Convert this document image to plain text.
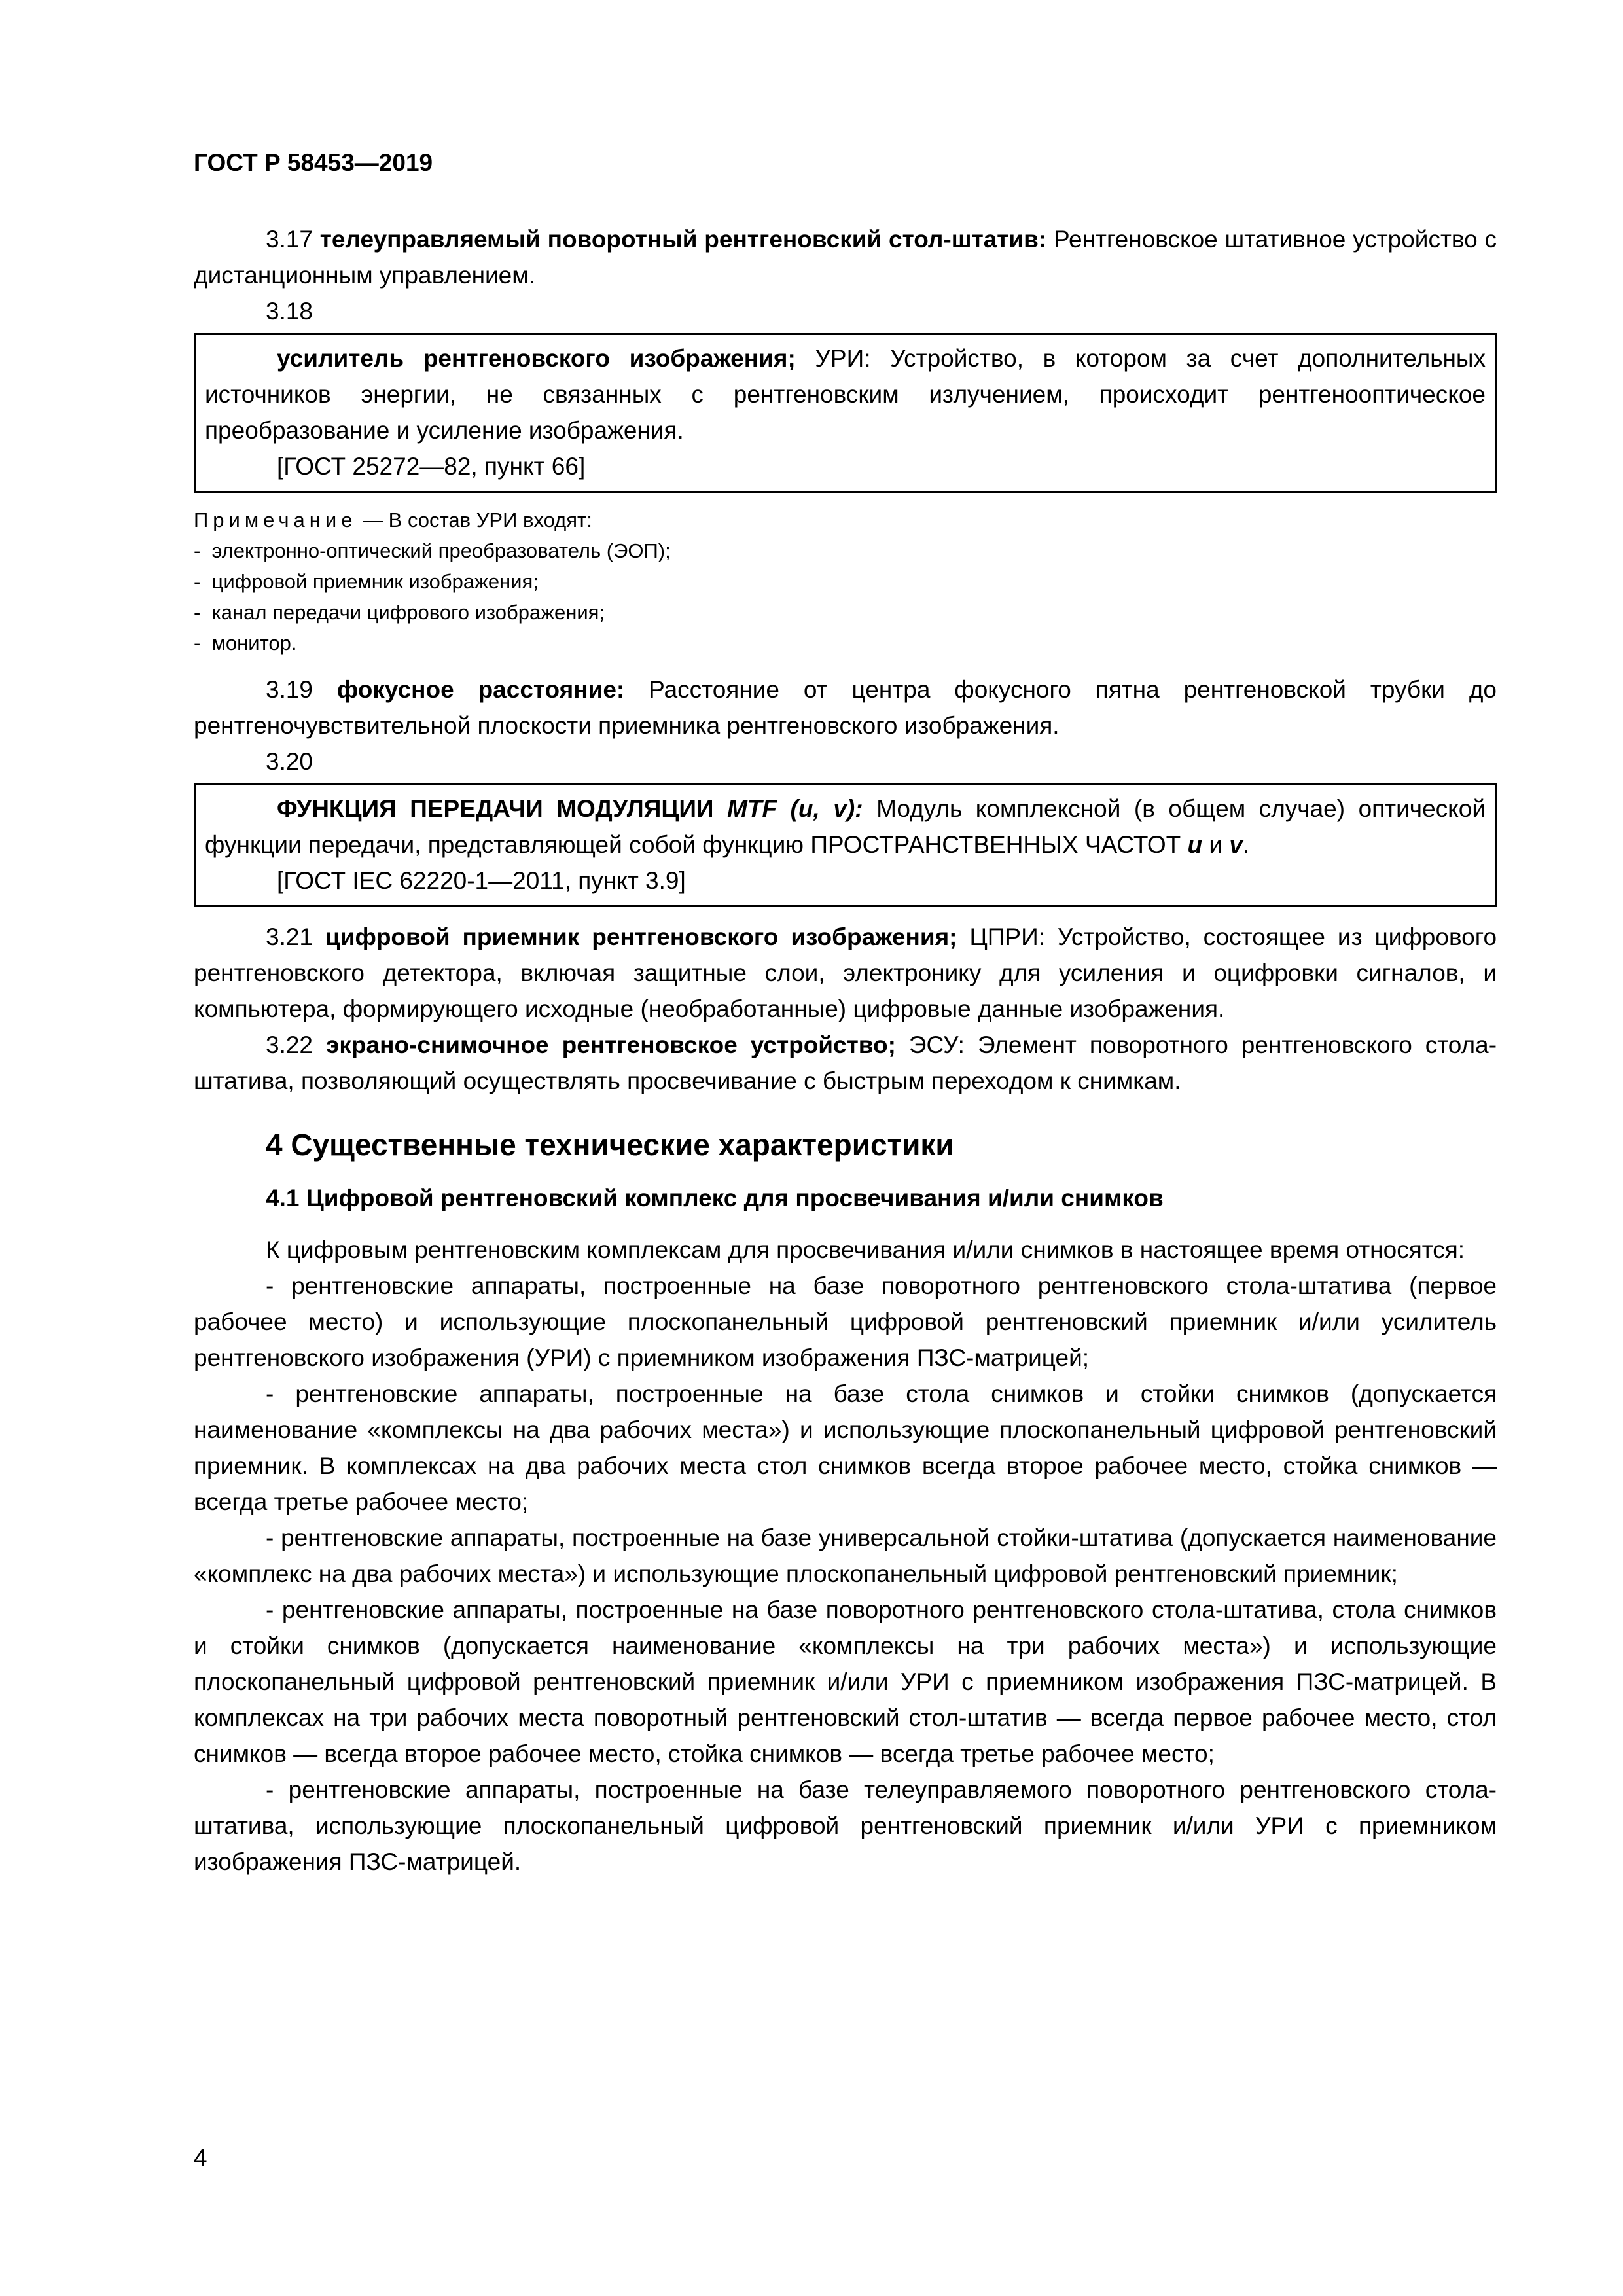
ГОСТ Р 58453—2019

3.17 телеуправляемый поворотный рентгеновский стол-штатив: Рентгеновское штативное устройство с дистанционным управлением.

3.18

усилитель рентгеновского изображения; УРИ: Устройство, в котором за счет дополнительных источников энергии, не связанных с рентгеновским излучением, происходит рентгенооптическое преобразование и усиление изображения.

[ГОСТ 25272—82, пункт 66]
Примечание — В состав УРИ входят:
-  электронно-оптический преобразователь (ЭОП);
-  цифровой приемник изображения;
-  канал передачи цифрового изображения;
-  монитор.

3.19 фокусное расстояние: Расстояние от центра фокусного пятна рентгеновской трубки до рентгеночувствительной плоскости приемника рентгеновского изображения.

3.20

ФУНКЦИЯ ПЕРЕДАЧИ МОДУЛЯЦИИ MTF (u, v): Модуль комплексной (в общем случае) оптической функции передачи, представляющей собой функцию ПРОСТРАНСТВЕННЫХ ЧАСТОТ u и v.

[ГОСТ IEC 62220-1—2011, пункт 3.9]

3.21 цифровой приемник рентгеновского изображения; ЦПРИ: Устройство, состоящее из цифрового рентгеновского детектора, включая защитные слои, электронику для усиления и оцифровки сигналов, и компьютера, формирующего исходные (необработанные) цифровые данные изображения.

3.22 экрано-снимочное рентгеновское устройство; ЭСУ: Элемент поворотного рентгеновского стола-штатива, позволяющий осуществлять просвечивание с быстрым переходом к снимкам.

4 Существенные технические характеристики
4.1 Цифровой рентгеновский комплекс для просвечивания и/или снимков

К цифровым рентгеновским комплексам для просвечивания и/или снимков в настоящее время относятся:

- рентгеновские аппараты, построенные на базе поворотного рентгеновского стола-штатива (первое рабочее место) и использующие плоскопанельный цифровой рентгеновский приемник и/или усилитель рентгеновского изображения (УРИ) с приемником изображения ПЗС-матрицей;

- рентгеновские аппараты, построенные на базе стола снимков и стойки снимков (допускается наименование «комплексы на два рабочих места») и использующие плоскопанельный цифровой рентгеновский приемник. В комплексах на два рабочих места стол снимков всегда второе рабочее место, стойка снимков — всегда третье рабочее место;

- рентгеновские аппараты, построенные на базе универсальной стойки-штатива (допускается наименование «комплекс на два рабочих места») и использующие плоскопанельный цифровой рентгеновский приемник;

- рентгеновские аппараты, построенные на базе поворотного рентгеновского стола-штатива, стола снимков и стойки снимков (допускается наименование «комплексы на три рабочих места») и использующие плоскопанельный цифровой рентгеновский приемник и/или УРИ с приемником изображения ПЗС-матрицей. В комплексах на три рабочих места поворотный рентгеновский стол-штатив — всегда первое рабочее место, стол снимков — всегда второе рабочее место, стойка снимков — всегда третье рабочее место;

- рентгеновские аппараты, построенные на базе телеуправляемого поворотного рентгеновского стола-штатива, использующие плоскопанельный цифровой рентгеновский приемник и/или УРИ с приемником изображения ПЗС-матрицей.

4
